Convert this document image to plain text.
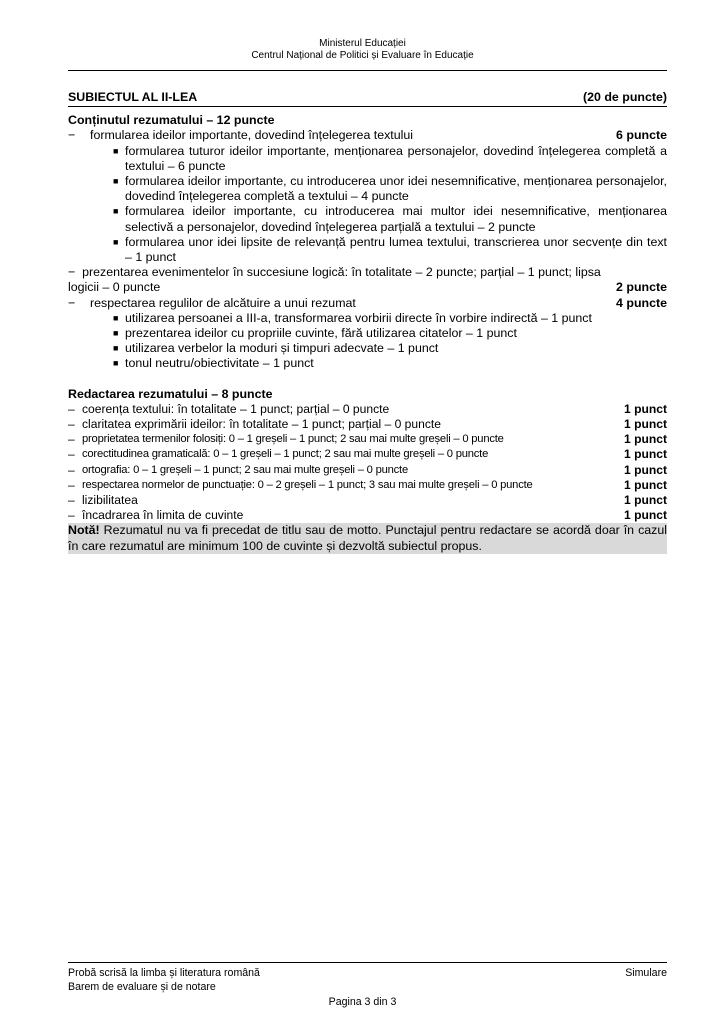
Ministerul Educației
Centrul Național de Politici și Evaluare în Educație
SUBIECTUL AL II-LEA	(20 de puncte)
Conținutul rezumatului – 12 puncte
− formularea ideilor importante, dovedind înțelegerea textului	6 puncte
■ formularea tuturor ideilor importante, menționarea personajelor, dovedind înțelegerea completă a textului – 6 puncte
■ formularea ideilor importante, cu introducerea unor idei nesemnificative, menționarea personajelor, dovedind înțelegerea completă a textului – 4 puncte
■ formularea ideilor importante, cu introducerea mai multor idei nesemnificative, menționarea selectivă a personajelor, dovedind înțelegerea parțială a textului – 2 puncte
■ formularea unor idei lipsite de relevanță pentru lumea textului, transcrierea unor secvențe din text – 1 punct
− prezentarea evenimentelor în succesiune logică: în totalitate – 2 puncte; parțial – 1 punct; lipsa
logicii – 0 puncte	2 puncte
− respectarea regulilor de alcătuire a unui rezumat	4 puncte
■ utilizarea persoanei a III-a, transformarea vorbirii directe în vorbire indirectă – 1 punct
■ prezentarea ideilor cu propriile cuvinte, fără utilizarea citatelor – 1 punct
■ utilizarea verbelor la moduri și timpuri adecvate – 1 punct
■ tonul neutru/obiectivitate – 1 punct
Redactarea rezumatului – 8 puncte
– coerența textului: în totalitate – 1 punct; parțial – 0 puncte	1 punct
– claritatea exprimării ideilor: în totalitate – 1 punct; parțial – 0 puncte	1 punct
– proprietatea termenilor folosiți: 0 – 1 greșeli – 1 punct; 2 sau mai multe greșeli – 0 puncte	1 punct
– corectitudinea gramaticală: 0 – 1 greșeli – 1 punct; 2 sau mai multe greșeli – 0 puncte	1 punct
– ortografia: 0 – 1 greșeli – 1 punct; 2 sau mai multe greșeli – 0 puncte	1 punct
– respectarea normelor de punctuație: 0 – 2 greșeli – 1 punct; 3 sau mai multe greșeli – 0 puncte	1 punct
– lizibilitatea	1 punct
– încadrarea în limita de cuvinte	1 punct
Notă! Rezumatul nu va fi precedat de titlu sau de motto. Punctajul pentru redactare se acordă doar în cazul în care rezumatul are minimum 100 de cuvinte și dezvoltă subiectul propus.
Probă scrisă la limba și literatura română
Barem de evaluare și de notare
Simulare
Pagina 3 din 3
